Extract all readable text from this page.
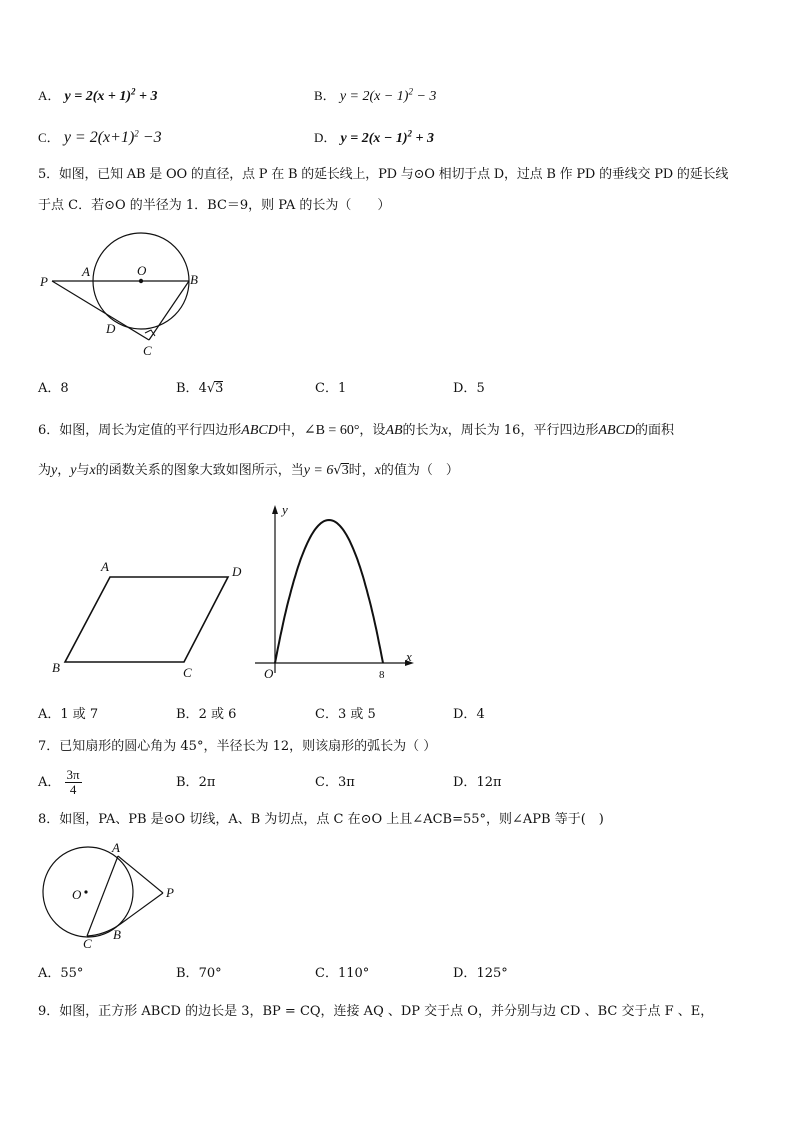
A． $y = 2(x + 1)^2 + 3$	B． $y = 2(x - 1)^2 - 3$
C． $y = 2(x+1)^2 -3$	D． $y = 2(x - 1)^2 + 3$
5．如图，已知 AB 是 OO 的直径，点 P 在 B 的延长线上，PD 与⊙O 相切于点 D，过点 B 作 PD 的垂线交 PD 的延长线
于点 C．若⊙O 的半径为 1．BC＝9，则 PA 的长为（　　）
P
A	O
B
D
C
A．8	B．4√3	C．1	D．5
6．如图，周长为定值的平行四边形ABCD中，∠B = 60°，设AB的长为x，周长为 16，平行四边形ABCD的面积
为y，y与x的函数关系的图象大致如图所示，当y = 6√3时，x的值为（　）
A	D
B	C
y
x
O	8
A．1 或 7	B．2 或 6	C．3 或 5	D．4
7．已知扇形的圆心角为 45°，半径长为 12，则该扇形的弧长为（ ）
A． $\frac{3\pi}{4}$	B．2π	C．3π	D．12π
8．如图，PA、PB 是⊙O 切线，A、B 为切点，点 C 在⊙O 上且∠ACB=55°，则∠APB 等于(　)
A
O	P
C
B
A．55°	B．70°	C．110°	D．125°
9．如图，正方形 ABCD 的边长是 3，BP = CQ，连接 AQ 、DP 交于点 O，并分别与边 CD 、BC 交于点 F 、E，
